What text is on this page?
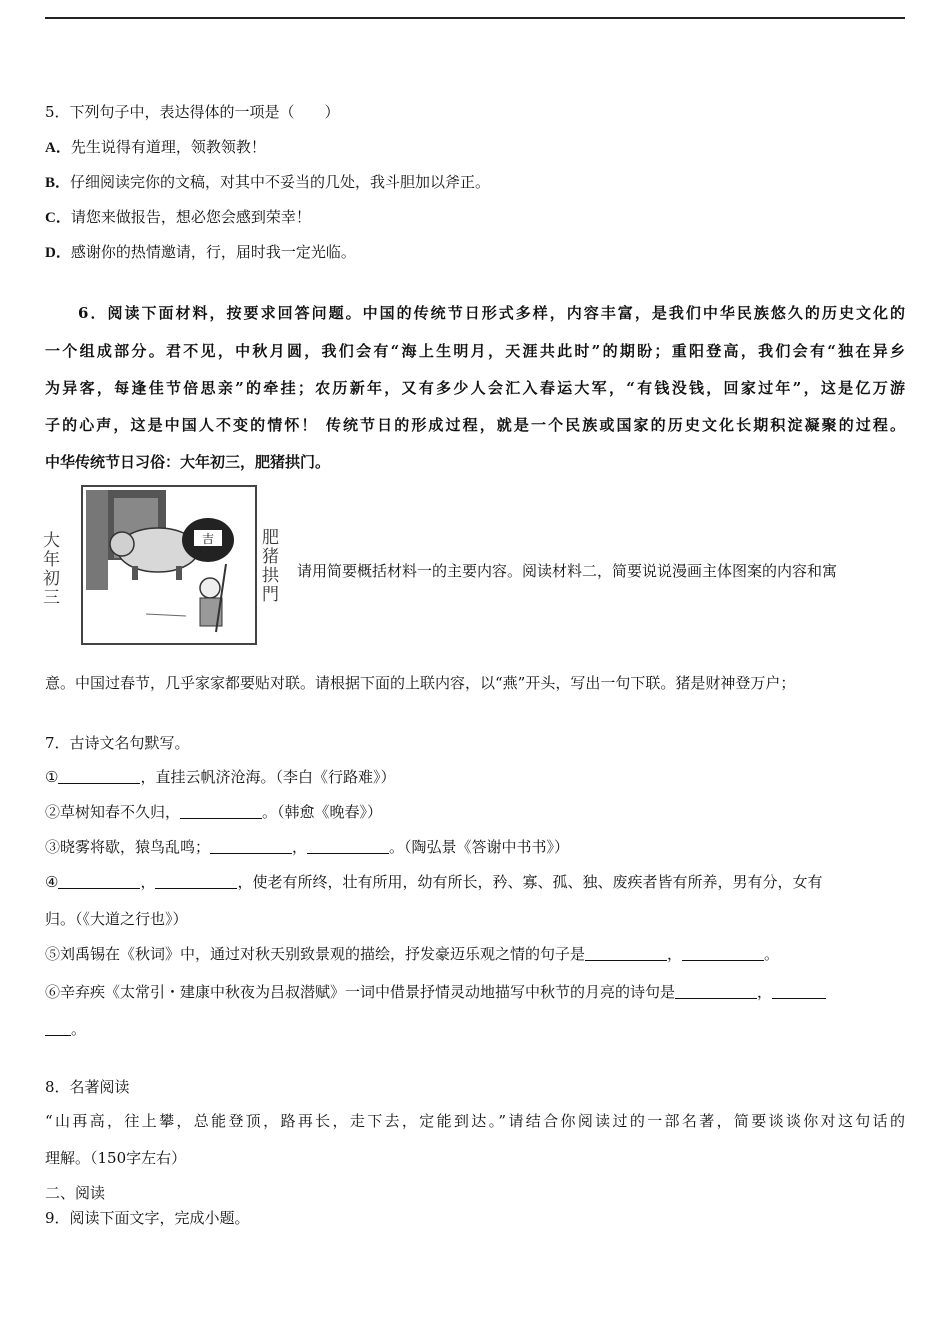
5．下列句子中，表达得体的一项是（　　）
A．先生说得有道理，领教领教！
B．仔细阅读完你的文稿，对其中不妥当的几处，我斗胆加以斧正。
C．请您来做报告，想必您会感到荣幸！
D．感谢你的热情邀请，行，届时我一定光临。
6．阅读下面材料，按要求回答问题。中国的传统节日形式多样，内容丰富，是我们中华民族悠久的历史文化的
一个组成部分。君不见，中秋月圆，我们会有“海上生明月，天涯共此时”的期盼；重阳登高，我们会有“独在异乡
为异客，每逢佳节倍思亲”的牵挂；农历新年，又有多少人会汇入春运大军，“有钱没钱，回家过年”，这是亿万游
子的心声，这是中国人不变的情怀！ 传统节日的形成过程，就是一个民族或国家的历史文化长期积淀凝聚的过程。
中华传统节日习俗：大年初三，肥猪拱门。
吉
大年初三	肥猪拱門 请用简要概括材料一的主要内容。阅读材料二，简要说说漫画主体图案的内容和寓
意。中国过春节，几乎家家都要贴对联。请根据下面的上联内容，以“燕”开头，写出一句下联。猪是财神登万户；
7．古诗文名句默写。
①	，直挂云帆济沧海。（李白《行路难》）
②草树知春不久归，	。（韩愈《晚春》）
③晓雾将歇，猿鸟乱鸣；	，	。（陶弘景《答谢中书书》）
④	，	，使老有所终，壮有所用，幼有所长，矜、寡、孤、独、废疾者皆有所养，男有分，女有
归。（《大道之行也》）
⑤刘禹锡在《秋词》中，通过对秋天别致景观的描绘，抒发豪迈乐观之情的句子是	，	。
⑥辛弃疾《太常引・建康中秋夜为吕叔潜赋》一词中借景抒情灵动地描写中秋节的月亮的诗句是	，
。
8．名著阅读
“山再高，往上攀，总能登顶，路再长，走下去，定能到达。”请结合你阅读过的一部名著，简要谈谈你对这句话的
理解。（150字左右）
二、阅读
9．阅读下面文字，完成小题。
